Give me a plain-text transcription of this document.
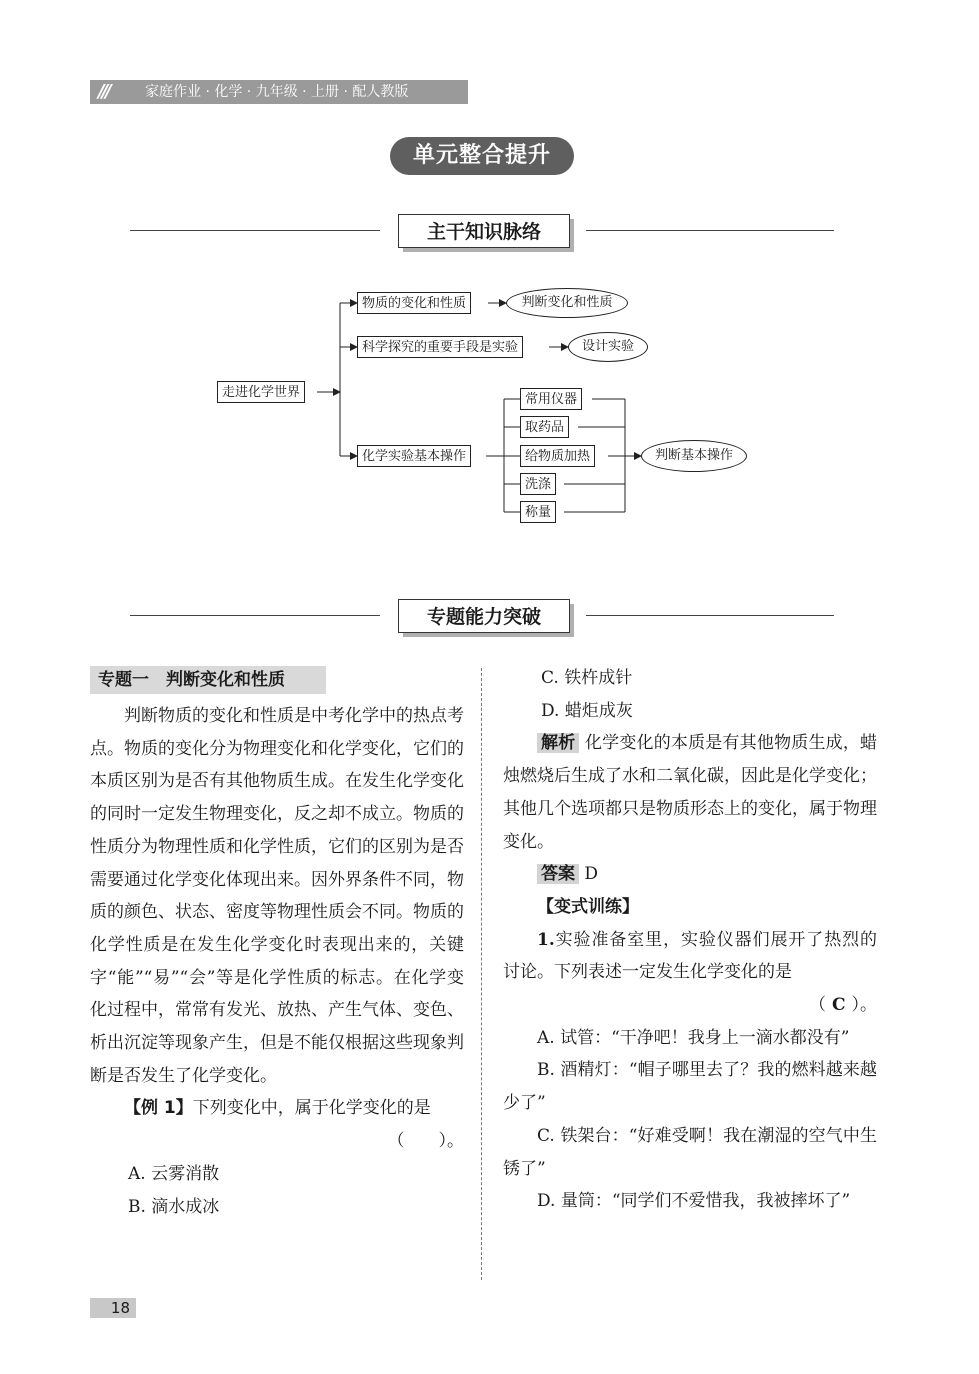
///	家庭作业 · 化学 · 九年级 · 上册 · 配人教版
单元整合提升
主干知识脉络
走进化学世界
物质的变化和性质	判断变化和性质
科学探究的重要手段是实验	设计实验
化学实验基本操作
常用仪器
取药品
给物质加热
洗涤
称量
判断基本操作
专题能力突破
专题一　判断变化和性质
判断物质的变化和性质是中考化学中的热点考点。物质的变化分为物理变化和化学变化，它们的本质区别为是否有其他物质生成。在发生化学变化的同时一定发生物理变化，反之却不成立。物质的性质分为物理性质和化学性质，它们的区别为是否需要通过化学变化体现出来。因外界条件不同，物质的颜色、状态、密度等物理性质会不同。物质的化学性质是在发生化学变化时表现出来的，关键字“能”“易”“会”等是化学性质的标志。在化学变化过程中，常常有发光、放热、产生气体、变色、析出沉淀等现象产生，但是不能仅根据这些现象判断是否发生了化学变化。
【例 1】下列变化中，属于化学变化的是
（　　）。
A. 云雾消散
B. 滴水成冰
C. 铁杵成针
D. 蜡炬成灰
解析 化学变化的本质是有其他物质生成，蜡烛燃烧后生成了水和二氧化碳，因此是化学变化；其他几个选项都只是物质形态上的变化，属于物理变化。
答案 D
【变式训练】
1.实验准备室里，实验仪器们展开了热烈的讨论。下列表述一定发生化学变化的是
（ C ）。
A. 试管：“干净吧！我身上一滴水都没有”
B. 酒精灯：“帽子哪里去了？我的燃料越来越少了”
C. 铁架台：“好难受啊！我在潮湿的空气中生锈了”
D. 量筒：“同学们不爱惜我，我被摔坏了”
18
